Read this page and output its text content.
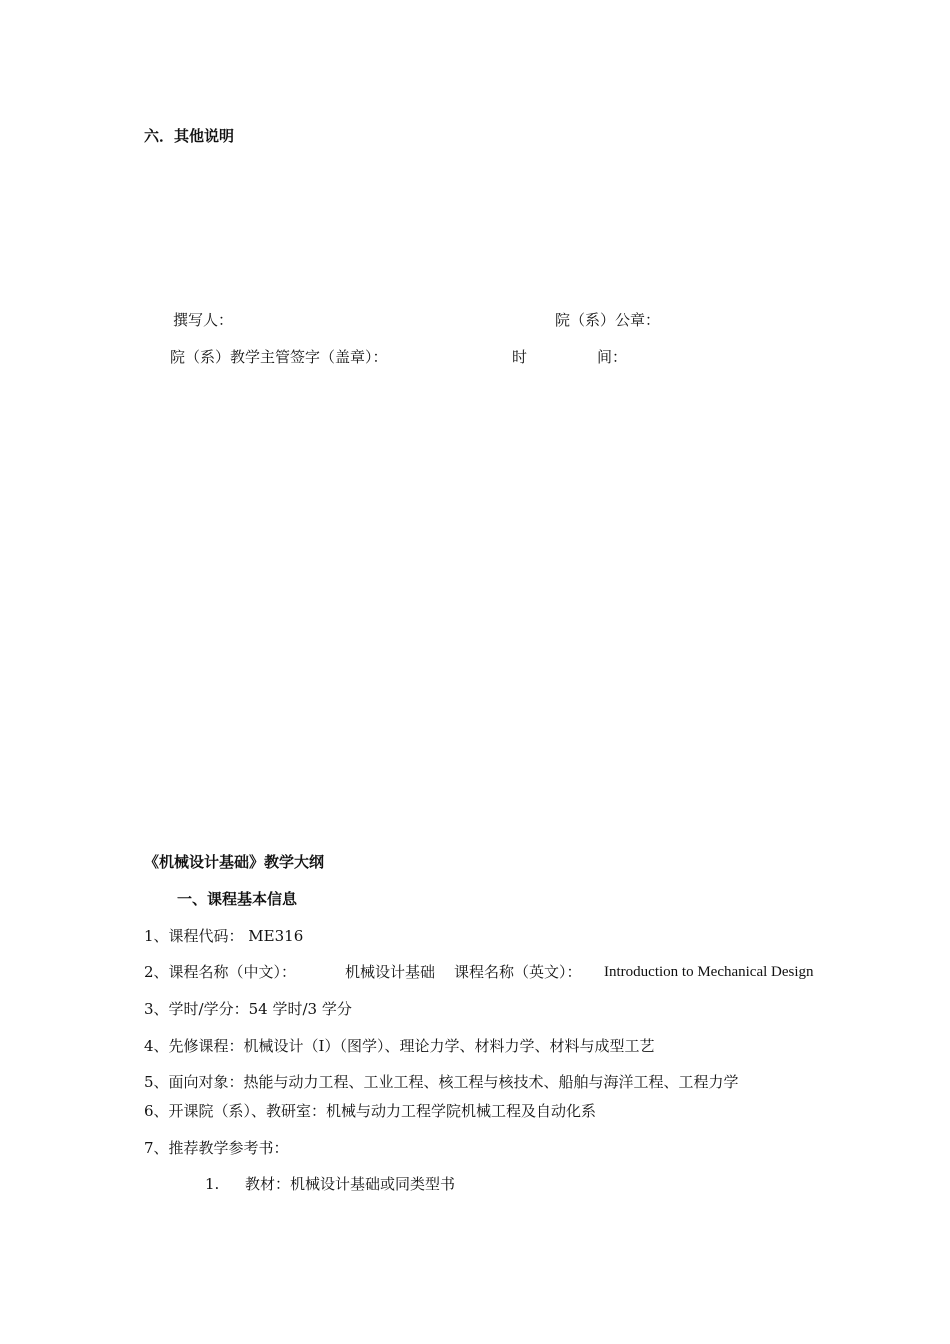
六．其他说明
撰写人：	院（系）公章：
院（系）教学主管签字（盖章）：	时	间：
《机械设计基础》教学大纲
一、课程基本信息
1、课程代码： ME316
2、课程名称（中文）：	机械设计基础 课程名称（英文）： Introduction to Mechanical Design
3、学时/学分：54 学时/3 学分
4、先修课程：机械设计（I）（图学）、理论力学、材料力学、材料与成型工艺
5、面向对象：热能与动力工程、工业工程、核工程与核技术、船舶与海洋工程、工程力学
6、开课院（系）、教研室：机械与动力工程学院机械工程及自动化系
7、推荐教学参考书：
1. 教材：机械设计基础或同类型书
